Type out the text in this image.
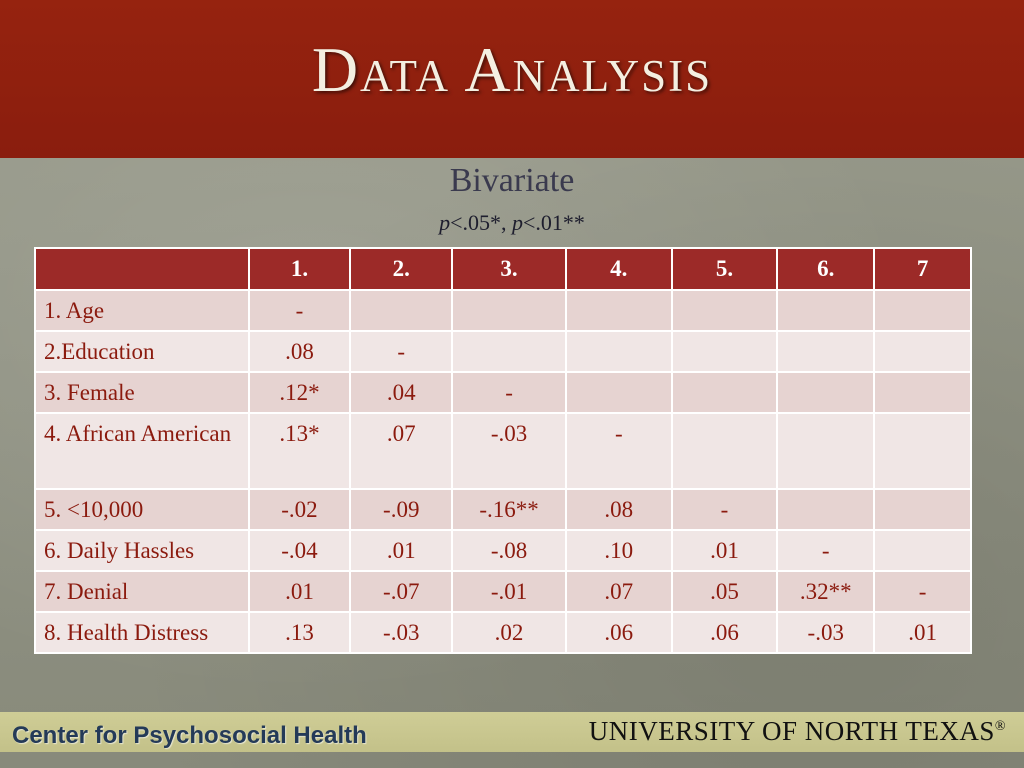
Data Analysis
Bivariate
p<.05*, p<.01**
	1.	2.	3.	4.	5.	6.	7
1. Age	-						
2.Education	.08	-					
3. Female	.12*	.04	-				
4. African American	.13*	.07	-.03	-			
5. <10,000	-.02	-.09	-.16**	.08	-		
6. Daily Hassles	-.04	.01	-.08	.10	.01	-	
7. Denial	.01	-.07	-.01	.07	.05	.32**	-
8. Health Distress	.13	-.03	.02	.06	.06	-.03	.01
Center for Psychosocial Health	UNIVERSITY OF NORTH TEXAS®
